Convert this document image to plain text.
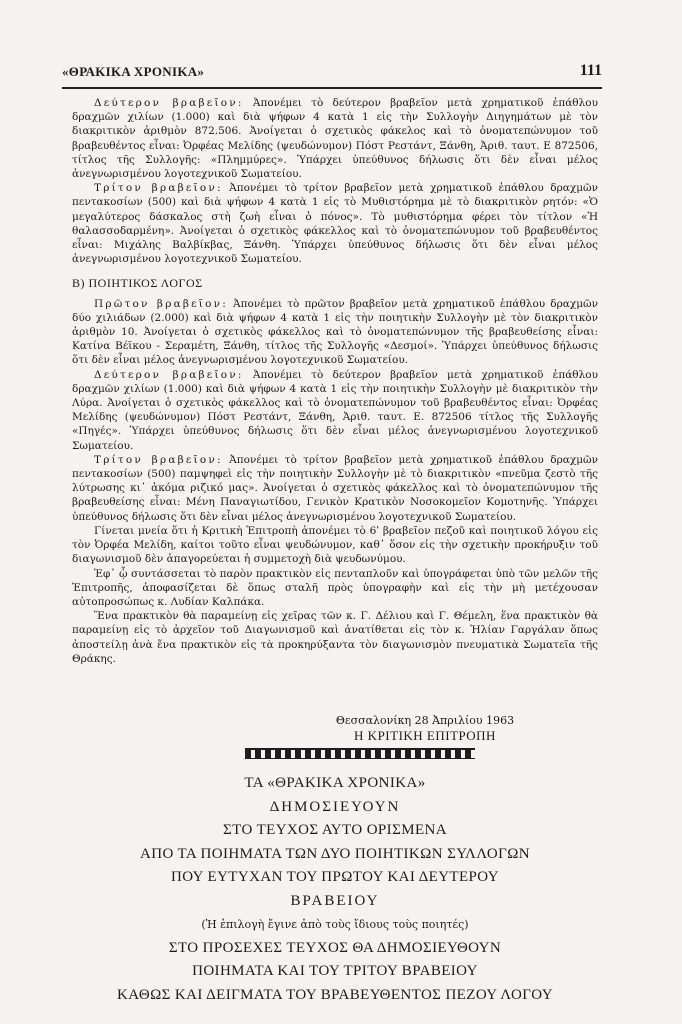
«ΘΡΑΚΙΚΑ ΧΡΟΝΙΚΑ»	111

Δεύτερον βραβεῖον: Ἀπονέμει τὸ δεύτερον βραβεῖον μετὰ χρηματικοῦ ἐπάθλου δραχμῶν χιλίων (1.000) καὶ διὰ ψήφων 4 κατὰ 1 εἰς τὴν Συλλογὴν Διηγημάτων μὲ τὸν διακριτικὸν ἀριθμὸν 872.506. Ἀνοίγεται ὁ σχετικὸς φάκελος καὶ τὸ ὀνοματεπώνυμον τοῦ βραβευθέντος εἶναι: Ὀρφέας Μελίδης (ψευδώνυμον) Πόστ Ρεστάντ, Ξάνθη, Ἀριθ. ταυτ. Ε 872506, τίτλος τῆς Συλλογῆς: «Πλημμύρες». Ὑπάρχει ὑπεύθυνος δήλωσις ὅτι δὲν εἶναι μέλος ἀνεγνωρισμένου λογοτεχνικοῦ Σωματείου.

Τρίτον βραβεῖον: Ἀπονέμει τὸ τρίτον βραβεῖον μετὰ χρηματικοῦ ἐπάθλου δραχμῶν πεντακοσίων (500) καὶ διὰ ψήφων 4 κατὰ 1 εἰς τὸ Μυθιστόρημα μὲ τὸ διακριτικὸν ρητόν: «Ὁ μεγαλύτερος δάσκαλος στὴ ζωὴ εἶναι ὁ πόνος». Τὸ μυθιστόρημα φέρει τὸν τίτλον «Ἡ θαλασσοδαρμένη». Ἀνοίγεται ὁ σχετικὸς φάκελλος καὶ τὸ ὀνοματεπώνυμον τοῦ βραβευθέντος εἶναι: Μιχάλης Βαλβίκβας, Ξάνθη. Ὑπάρχει ὑπεύθυνος δήλωσις ὅτι δὲν εἶναι μέλος ἀνεγνωρισμένου λογοτεχνικοῦ Σωματείου.

Β) ΠΟΙΗΤΙΚΟΣ ΛΟΓΟΣ

Πρῶτον βραβεῖον: Ἀπονέμει τὸ πρῶτον βραβεῖον μετὰ χρηματικοῦ ἐπάθλου δραχμῶν δύο χιλιάδων (2.000) καὶ διὰ ψήφων 4 κατὰ 1 εἰς τὴν ποιητικὴν Συλλογὴν μὲ τὸν διακριτικὸν ἀριθμὸν 10. Ἀνοίγεται ὁ σχετικὸς φάκελλος καὶ τὸ ὀνοματεπώνυμον τῆς βραβευθείσης εἶναι: Κατίνα Βέϊκου - Σεραμέτη, Ξάνθη, τίτλος τῆς Συλλογῆς «Δεσμοί». Ὑπάρχει ὑπεύθυνος δήλωσις ὅτι δὲν εἶναι μέλος ἀνεγνωρισμένου λογοτεχνικοῦ Σωματείου.

Δεύτερον βραβεῖον: Ἀπονέμει τὸ δεύτερον βραβεῖον μετὰ χρηματικοῦ ἐπάθλου δραχμῶν χιλίων (1.000) καὶ διὰ ψήφων 4 κατὰ 1 εἰς τὴν ποιητικὴν Συλλογὴν μὲ διακριτικὸν τὴν Λύρα. Ἀνοίγεται ὁ σχετικὸς φάκελλος καὶ τὸ ὀνοματεπώνυμον τοῦ βραβευθέντος εἶναι: Ὀρφέας Μελίδης (ψευδώνυμον) Πόστ Ρεστάντ, Ξάνθη, Ἀριθ. ταυτ. Ε. 872506 τίτλος τῆς Συλλογῆς «Πηγές». Ὑπάρχει ὑπεύθυνος δήλωσις ὅτι δὲν εἶναι μέλος ἀνεγνωρισμένου λογοτεχνικοῦ Σωματείου.

Τρίτον βραβεῖον: Ἀπονέμει τὸ τρίτον βραβεῖον μετὰ χρηματικοῦ ἐπάθλου δραχμῶν πεντακοσίων (500) παμψηφεὶ εἰς τὴν ποιητικὴν Συλλογὴν μὲ τὸ διακριτικὸν «πνεῦμα ζεστὸ τῆς λύτρωσης κι᾽ ἀκόμα ριζικό μας». Ἀνοίγεται ὁ σχετικὸς φάκελλος καὶ τὸ ὀνοματεπώνυμον τῆς βραβευθείσης εἶναι: Μένη Παναγιωτίδου, Γενικὸν Κρατικὸν Νοσοκομεῖον Κομοτηνῆς. Ὑπάρχει ὑπεύθυνος δήλωσις ὅτι δὲν εἶναι μέλος ἀνεγνωρισμένου λογοτεχνικοῦ Σωματείου.

Γίνεται μνεία ὅτι ἡ Κριτικὴ Ἐπιτροπὴ ἀπονέμει τὸ 6ʹ βραβεῖον πεζοῦ καὶ ποιητικοῦ λόγου εἰς τὸν Ὀρφέα Μελίδη, καίτοι τοῦτο εἶναι ψευδώνυμον, καθ᾽ ὅσον εἰς τὴν σχετικὴν προκήρυξιν τοῦ διαγωνισμοῦ δὲν ἀπαγορεύεται ἡ συμμετοχὴ διὰ ψευδωνύμου.

Ἐφ᾽ ᾧ συντάσσεται τὸ παρὸν πρακτικὸν εἰς πενταπλοῦν καὶ ὑπογράφεται ὑπὸ τῶν μελῶν τῆς Ἐπιτροπῆς, ἀποφασίζεται δὲ ὅπως σταλῆ πρὸς ὑπογραφὴν καὶ εἰς τὴν μὴ μετέχουσαν αὐτοπροσώπως κ. Λυδίαν Καλπάκα.

Ἕνα πρακτικὸν θὰ παραμείνῃ εἰς χεῖρας τῶν κ. Γ. Δέλιου καὶ Γ. Θέμελη, ἕνα πρακτικὸν θὰ παραμείνῃ εἰς τὸ ἀρχεῖον τοῦ Διαγωνισμοῦ καὶ ἀνατίθεται εἰς τὸν κ. Ἡλίαν Γαργάλαν ὅπως ἀποστείλῃ ἀνὰ ἕνα πρακτικὸν εἰς τὰ προκηρύξαντα τὸν διαγωνισμὸν πνευματικὰ Σωματεῖα τῆς Θράκης.

Θεσσαλονίκη 28 Ἀπριλίου 1963
Η ΚΡΙΤΙΚΗ ΕΠΙΤΡΟΠΗ
ΤΑ «ΘΡΑΚΙΚΑ ΧΡΟΝΙΚΑ»
ΔΗΜΟΣΙΕΥΟΥΝ
ΣΤΟ ΤΕΥΧΟΣ ΑΥΤΟ ΟΡΙΣΜΕΝΑ
ΑΠΟ ΤΑ ΠΟΙΗΜΑΤΑ ΤΩΝ ΔΥΟ ΠΟΙΗΤΙΚΩΝ ΣΥΛΛΟΓΩΝ
ΠΟΥ ΕΥΤΥΧΑΝ ΤΟΥ ΠΡΩΤΟΥ ΚΑΙ ΔΕΥΤΕΡΟΥ
ΒΡΑΒΕΙΟΥ
(Ἡ ἐπιλογὴ ἔγινε ἀπὸ τοὺς ἴδιους τοὺς ποιητές)
ΣΤΟ ΠΡΟΣΕΧΕΣ ΤΕΥΧΟΣ ΘΑ ΔΗΜΟΣΙΕΥΘΟΥΝ
ΠΟΙΗΜΑΤΑ ΚΑΙ ΤΟΥ ΤΡΙΤΟΥ ΒΡΑΒΕΙΟΥ
ΚΑΘΩΣ ΚΑΙ ΔΕΙΓΜΑΤΑ ΤΟΥ ΒΡΑΒΕΥΘΕΝΤΟΣ ΠΕΖΟΥ ΛΟΓΟΥ
